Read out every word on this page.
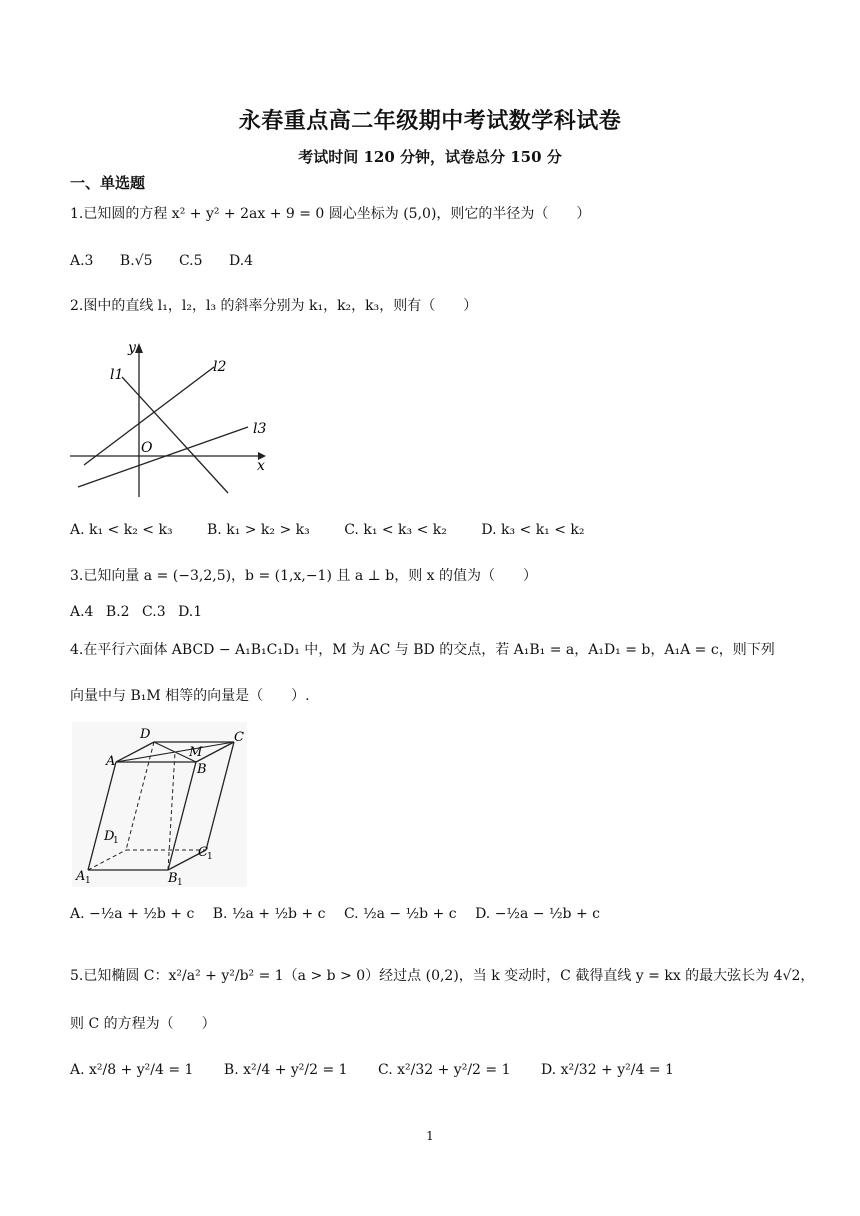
永春重点高二年级期中考试数学科试卷
考试时间 120 分钟，试卷总分 150 分
一、单选题
1.已知圆的方程 x² + y² + 2ax + 9 = 0 圆心坐标为 (5,0)，则它的半径为（　　）
A.3 B.√5 C.5 D.4
2.图中的直线 l₁，l₂，l₃ 的斜率分别为 k₁，k₂，k₃，则有（　　）
y
x
O
l1	l2
l3
A. k₁ < k₂ < k₃ B. k₁ > k₂ > k₃ C. k₁ < k₃ < k₂ D. k₃ < k₁ < k₂
3.已知向量 a = (−3,2,5)，b = (1,x,−1) 且 a ⊥ b，则 x 的值为（　　）
A.4 B.2 C.3 D.1
4.在平行六面体 ABCD − A₁B₁C₁D₁ 中，M 为 AC 与 BD 的交点，若 A₁B₁ = a，A₁D₁ = b，A₁A = c，则下列
向量中与 B₁M 相等的向量是（　　）.
D	C
A
B
M
D
1
C 1
A 1	B 1
A. −½a + ½b + c B. ½a + ½b + c C. ½a − ½b + c D. −½a − ½b + c
5.已知椭圆 C：x²/a² + y²/b² = 1（a > b > 0）经过点 (0,2)，当 k 变动时，C 截得直线 y = kx 的最大弦长为 4√2，
则 C 的方程为（　　）
A. x²/8 + y²/4 = 1 B. x²/4 + y²/2 = 1 C. x²/32 + y²/2 = 1 D. x²/32 + y²/4 = 1
1
